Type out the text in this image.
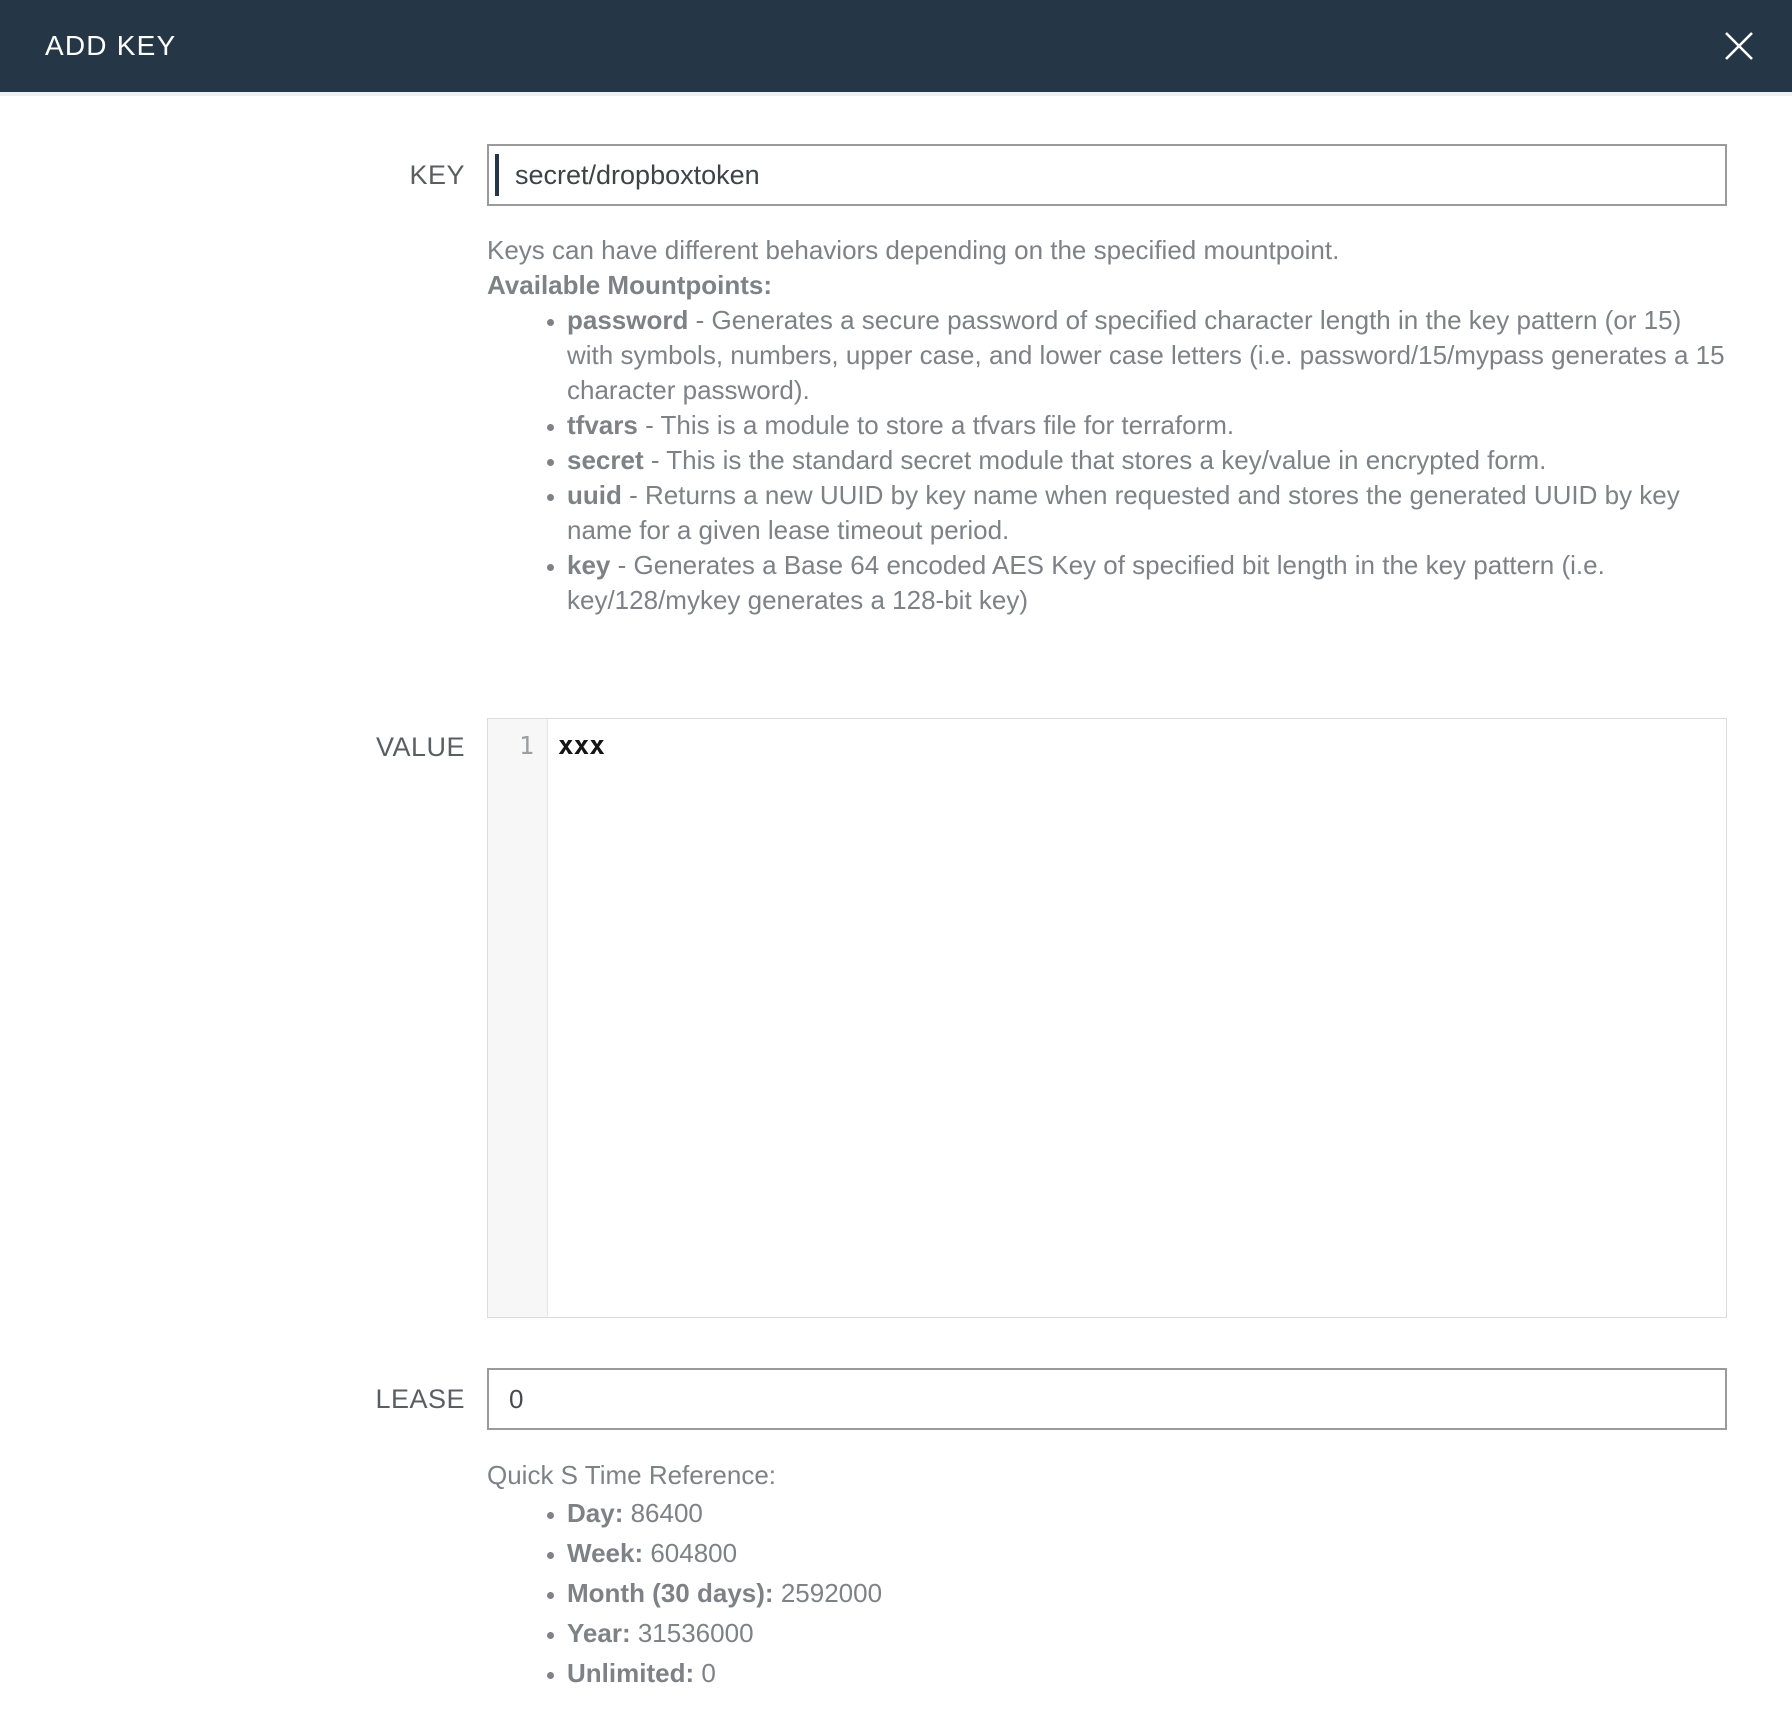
ADD KEY
KEY
secret/dropboxtoken
Keys can have different behaviors depending on the specified mountpoint.
Available Mountpoints:
• password - Generates a secure password of specified character length in the key pattern (or 15) with symbols, numbers, upper case, and lower case letters (i.e. password/15/mypass generates a 15 character password).
• tfvars - This is a module to store a tfvars file for terraform.
• secret - This is the standard secret module that stores a key/value in encrypted form.
• uuid - Returns a new UUID by key name when requested and stores the generated UUID by key name for a given lease timeout period.
• key - Generates a Base 64 encoded AES Key of specified bit length in the key pattern (i.e. key/128/mykey generates a 128-bit key)
VALUE	1 xxx
LEASE
0
Quick S Time Reference:
• Day: 86400
• Week: 604800
• Month (30 days): 2592000
• Year: 31536000
• Unlimited: 0
